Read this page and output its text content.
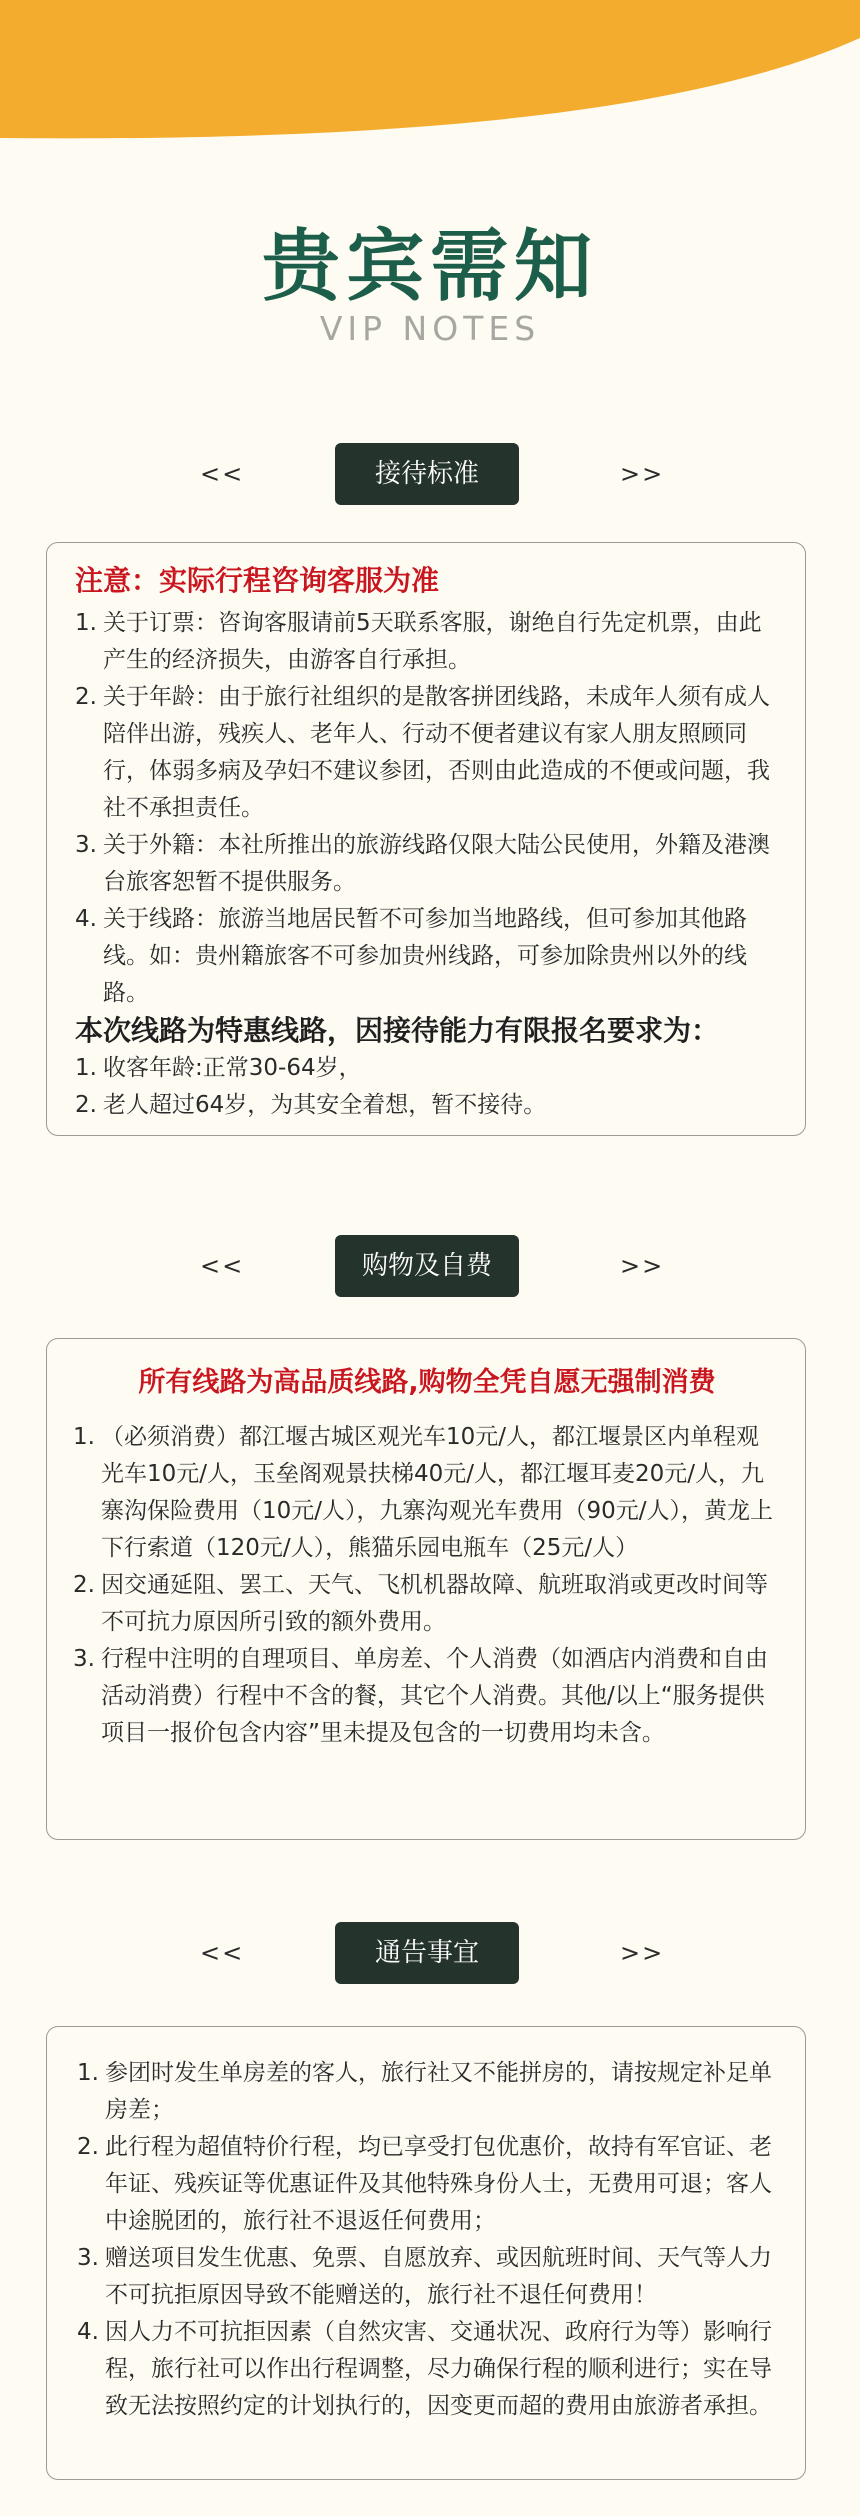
贵宾需知
VIP NOTES
<<	接待标准	>>
注意：实际行程咨询客服为准
1. 关于订票：咨询客服请前5天联系客服，谢绝自行先定机票，由此产生的经济损失，由游客自行承担。
2. 关于年龄：由于旅行社组织的是散客拼团线路，未成年人须有成人陪伴出游，残疾人、老年人、行动不便者建议有家人朋友照顾同行，体弱多病及孕妇不建议参团，否则由此造成的不便或问题，我社不承担责任。
3. 关于外籍：本社所推出的旅游线路仅限大陆公民使用，外籍及港澳台旅客恕暂不提供服务。
4. 关于线路：旅游当地居民暂不可参加当地路线，但可参加其他路线。如：贵州籍旅客不可参加贵州线路，可参加除贵州以外的线路。
本次线路为特惠线路，因接待能力有限报名要求为：
1. 收客年龄:正常30-64岁，
2. 老人超过64岁，为其安全着想，暂不接待。
<<	购物及自费	>>
所有线路为高品质线路,购物全凭自愿无强制消费
1. （必须消费）都江堰古城区观光车10元/人，都江堰景区内单程观光车10元/人，玉垒阁观景扶梯40元/人，都江堰耳麦20元/人，九寨沟保险费用（10元/人），九寨沟观光车费用（90元/人），黄龙上下行索道（120元/人），熊猫乐园电瓶车（25元/人）
2. 因交通延阻、罢工、天气、飞机机器故障、航班取消或更改时间等不可抗力原因所引致的额外费用。
3. 行程中注明的自理项目、单房差、个人消费（如酒店内消费和自由活动消费）行程中不含的餐，其它个人消费。其他/以上“服务提供项目一报价包含内容”里未提及包含的一切费用均未含。
<<	通告事宜	>>
1. 参团时发生单房差的客人，旅行社又不能拼房的，请按规定补足单房差；
2. 此行程为超值特价行程，均已享受打包优惠价，故持有军官证、老年证、残疾证等优惠证件及其他特殊身份人士，无费用可退；客人中途脱团的，旅行社不退返任何费用；
3. 赠送项目发生优惠、免票、自愿放弃、或因航班时间、天气等人力不可抗拒原因导致不能赠送的，旅行社不退任何费用！
4. 因人力不可抗拒因素（自然灾害、交通状况、政府行为等）影响行程，旅行社可以作出行程调整，尽力确保行程的顺利进行；实在导致无法按照约定的计划执行的，因变更而超的费用由旅游者承担。
